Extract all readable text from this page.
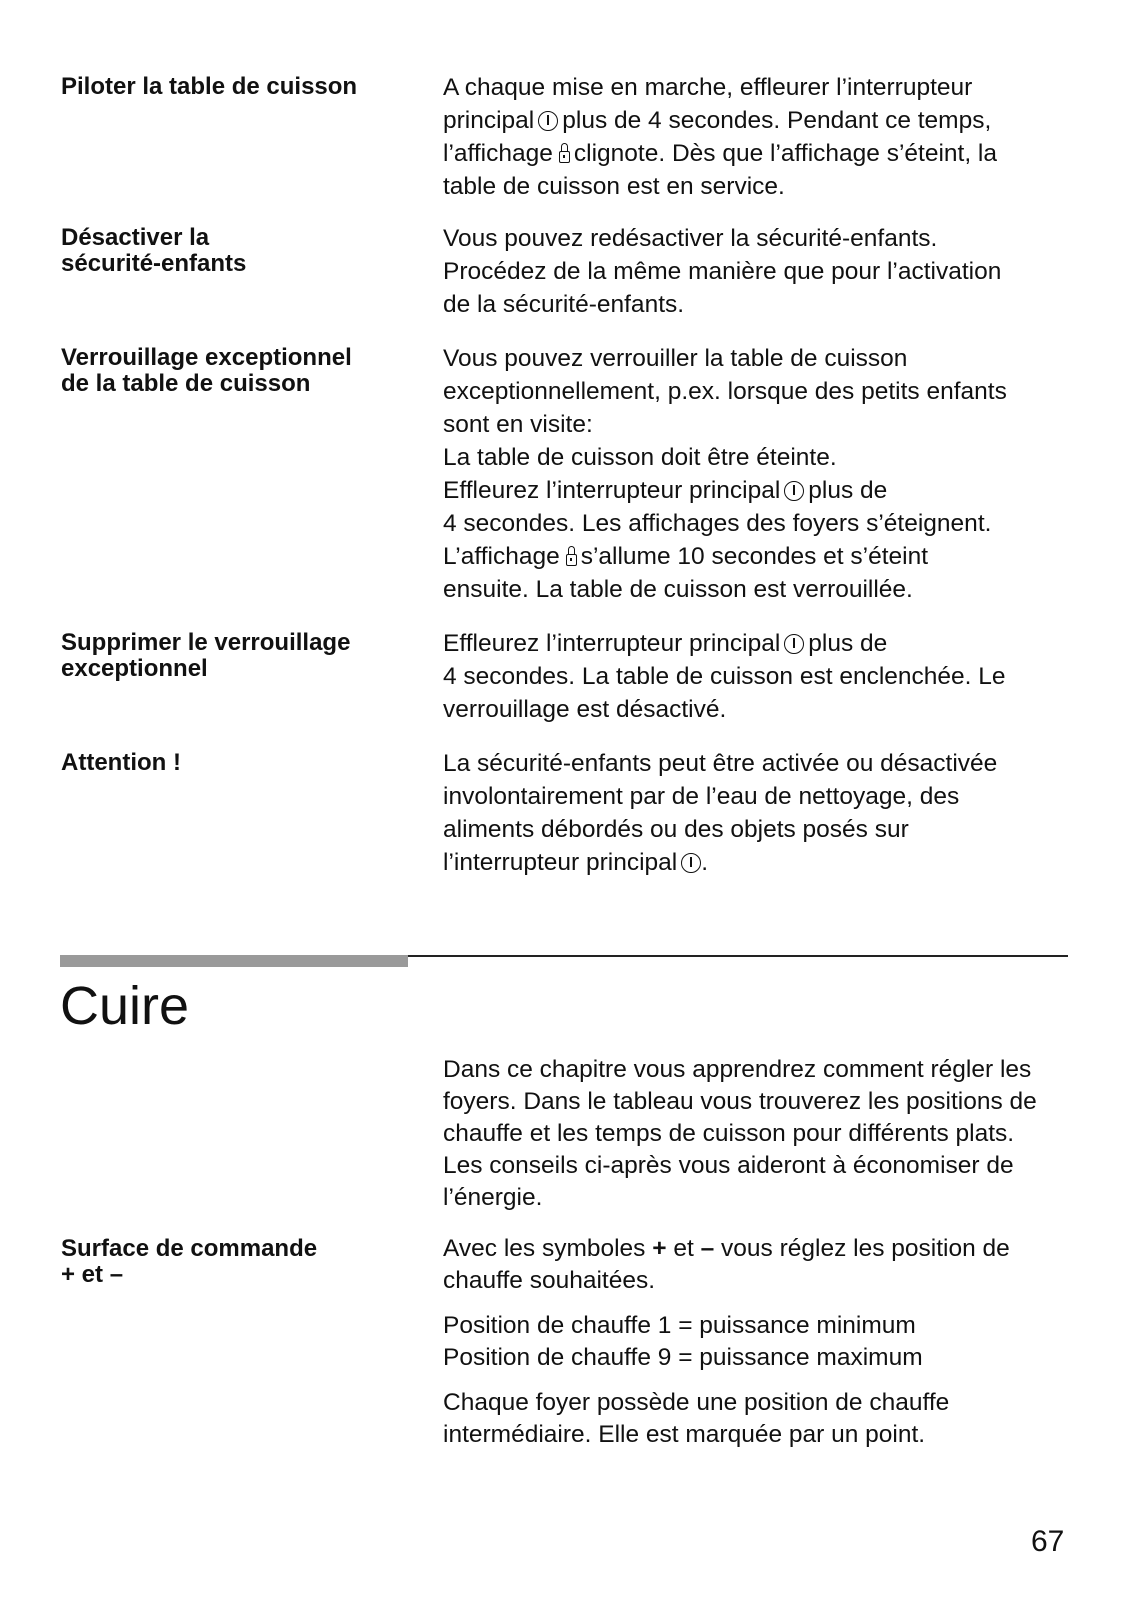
Piloter la table de cuisson	A chaque mise en marche, effleurer l’interrupteur

principal plus de 4 secondes. Pendant ce temps,

l’affichage clignote. Dès que l’affichage s’éteint, la

table de cuisson est en service.

Désactiver la
sécurité-enfants

Vous pouvez redésactiver la sécurité-enfants.

Procédez de la même manière que pour l’activation

de la sécurité-enfants.

Verrouillage exceptionnel
de la table de cuisson

Vous pouvez verrouiller la table de cuisson

exceptionnellement, p.ex. lorsque des petits enfants

sont en visite:

La table de cuisson doit être éteinte.

Effleurez l’interrupteur principal plus de

4 secondes. Les affichages des foyers s’éteignent.

L’affichage s’allume 10 secondes et s’éteint

ensuite. La table de cuisson est verrouillée.

Supprimer le verrouillage
exceptionnel

Effleurez l’interrupteur principal plus de

4 secondes. La table de cuisson est enclenchée. Le

verrouillage est désactivé.

Attention !	La sécurité-enfants peut être activée ou désactivée

involontairement par de l’eau de nettoyage, des

aliments débordés ou des objets posés sur

l’interrupteur principal .

Cuire

Dans ce chapitre vous apprendrez comment régler les

foyers. Dans le tableau vous trouverez les positions de

chauffe et les temps de cuisson pour différents plats.

Les conseils ci-après vous aideront à économiser de

l’énergie.

Surface de commande
+ et –

Avec les symboles + et – vous réglez les position de

chauffe souhaitées.

Position de chauffe 1 = puissance minimum

Position de chauffe 9 = puissance maximum

Chaque foyer possède une position de chauffe

intermédiaire. Elle est marquée par un point.

67
